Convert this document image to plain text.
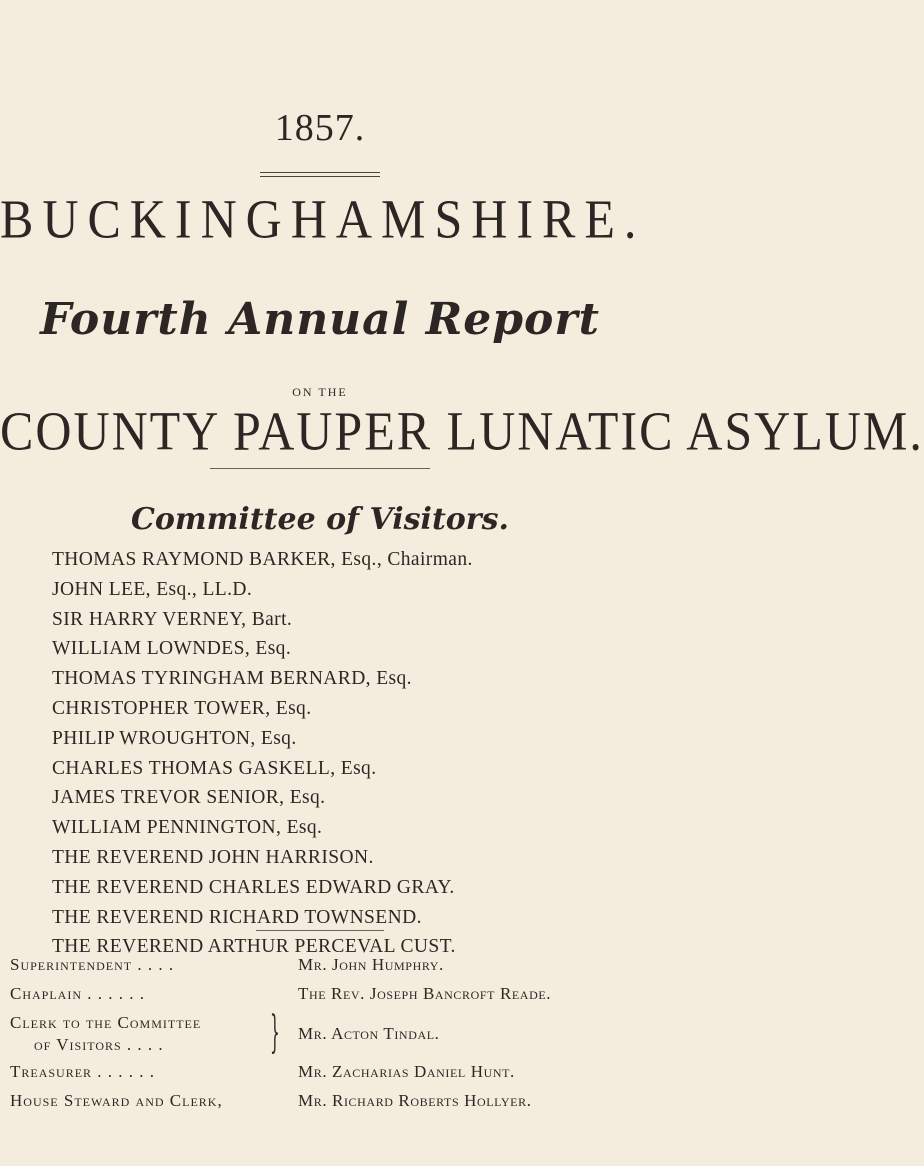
1857.
BUCKINGHAMSHIRE.
Fourth Annual Report
ON THE
COUNTY PAUPER LUNATIC ASYLUM.
Committee of Visitors.
THOMAS RAYMOND BARKER, Esq., Chairman.
JOHN LEE, Esq., LL.D.
SIR HARRY VERNEY, Bart.
WILLIAM LOWNDES, Esq.
THOMAS TYRINGHAM BERNARD, Esq.
CHRISTOPHER TOWER, Esq.
PHILIP WROUGHTON, Esq.
CHARLES THOMAS GASKELL, Esq.
JAMES TREVOR SENIOR, Esq.
WILLIAM PENNINGTON, Esq.
THE REVEREND JOHN HARRISON.
THE REVEREND CHARLES EDWARD GRAY.
THE REVEREND RICHARD TOWNSEND.
THE REVEREND ARTHUR PERCEVAL CUST.
Superintendent . . . .	Mr. John Humphry.
Chaplain . . . . . .	The Rev. Joseph Bancroft Reade.
Clerk to the Committee
of Visitors . . . . } Mr. Acton Tindal.
Treasurer . . . . . .	Mr. Zacharias Daniel Hunt.
House Steward and Clerk,	Mr. Richard Roberts Hollyer.
